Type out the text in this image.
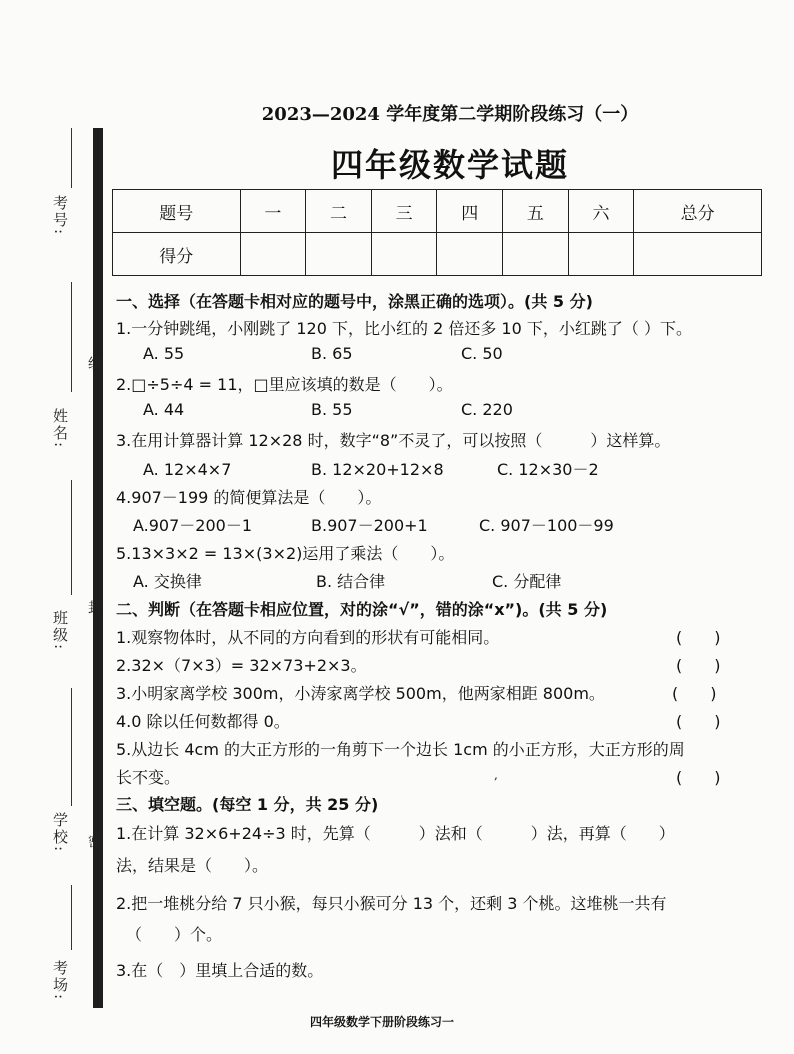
考号:
姓名:
班级:
学校:
考场:
线
封
密
2023—2024 学年度第二学期阶段练习（一）
四年级数学试题
题号	一	二	三	四	五	六	总分
得分							
一、选择（在答题卡相对应的题号中，涂黑正确的选项）。(共 5 分)
1.一分钟跳绳，小刚跳了 120 下，比小红的 2 倍还多 10 下，小红跳了（ ）下。
A. 55	B. 65	C. 50
2.□÷5÷4 = 11，□里应该填的数是（　　）。
A. 44	B. 55	C. 220
3.在用计算器计算 12×28 时，数字“8”不灵了，可以按照（　　　）这样算。
A. 12×4×7	B. 12×20+12×8	C. 12×30－2
4.907－199 的简便算法是（　　）。
A.907－200－1	B.907－200+1	C. 907－100－99
5.13×3×2 = 13×(3×2)运用了乘法（　　）。
A. 交换律	B. 结合律	C. 分配律
二、判断（在答题卡相应位置，对的涂“√”，错的涂“x”)。(共 5 分)
1.观察物体时，从不同的方向看到的形状有可能相同。	(　　)
2.32×（7×3）= 32×73+2×3。	(　　)
3.小明家离学校 300m，小涛家离学校 500m，他两家相距 800m。	(　　)
4.0 除以任何数都得 0。	(　　)
5.从边长 4cm 的大正方形的一角剪下一个边长 1cm 的小正方形，大正方形的周
长不变。	,	(　　)
三、填空题。(每空 1 分，共 25 分)
1.在计算 32×6+24÷3 时，先算（　　　）法和（　　　）法，再算（　　）
法，结果是（　　）。
2.把一堆桃分给 7 只小猴，每只小猴可分 13 个，还剩 3 个桃。这堆桃一共有
（　　）个。
3.在（　）里填上合适的数。
四年级数学下册阶段练习一
